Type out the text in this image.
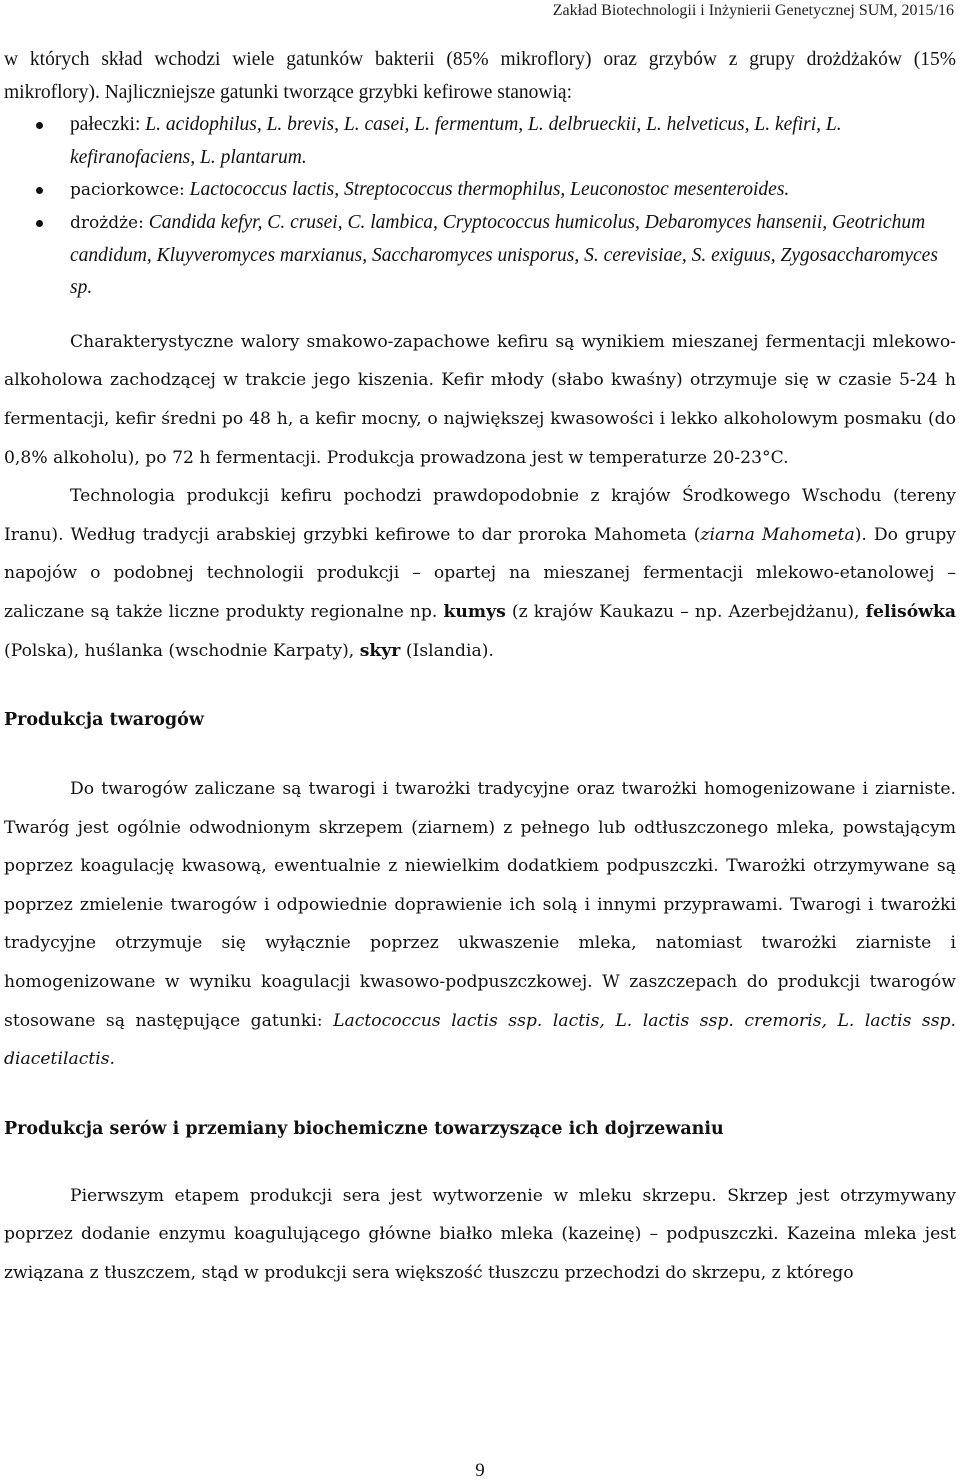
Zakład Biotechnologii i Inżynierii Genetycznej SUM, 2015/16

w których skład wchodzi wiele gatunków bakterii (85% mikroflory) oraz grzybów z grupy drożdżaków (15% mikroflory). Najliczniejsze gatunki tworzące grzybki kefirowe stanowią:

pałeczki: L. acidophilus, L. brevis, L. casei, L. fermentum, L. delbrueckii, L. helveticus, L. kefiri, L. kefiranofaciens, L. plantarum.
paciorkowce: Lactococcus lactis, Streptococcus thermophilus, Leuconostoc mesenteroides.
drożdże: Candida kefyr, C. crusei, C. lambica, Cryptococcus humicolus, Debaromyces hansenii, Geotrichum candidum, Kluyveromyces marxianus, Saccharomyces unisporus, S. cerevisiae, S. exiguus, Zygosaccharomyces sp.

Charakterystyczne walory smakowo-zapachowe kefiru są wynikiem mieszanej fermentacji mlekowo-alkoholowa zachodzącej w trakcie jego kiszenia. Kefir młody (słabo kwaśny) otrzymuje się w czasie 5-24 h fermentacji, kefir średni po 48 h, a kefir mocny, o największej kwasowości i lekko alkoholowym posmaku (do 0,8% alkoholu), po 72 h fermentacji. Produkcja prowadzona jest w temperaturze 20-23°C.

Technologia produkcji kefiru pochodzi prawdopodobnie z krajów Środkowego Wschodu (tereny Iranu). Według tradycji arabskiej grzybki kefirowe to dar proroka Mahometa (ziarna Mahometa). Do grupy napojów o podobnej technologii produkcji – opartej na mieszanej fermentacji mlekowo-etanolowej – zaliczane są także liczne produkty regionalne np. kumys (z krajów Kaukazu – np. Azerbejdżanu), felisówka (Polska), huślanka (wschodnie Karpaty), skyr (Islandia).

Produkcja twarogów

Do twarogów zaliczane są twarogi i twarożki tradycyjne oraz twarożki homogenizowane i ziarniste. Twaróg jest ogólnie odwodnionym skrzepem (ziarnem) z pełnego lub odtłuszczonego mleka, powstającym poprzez koagulację kwasową, ewentualnie z niewielkim dodatkiem podpuszczki. Twarożki otrzymywane są poprzez zmielenie twarogów i odpowiednie doprawienie ich solą i innymi przyprawami. Twarogi i twarożki tradycyjne otrzymuje się wyłącznie poprzez ukwaszenie mleka, natomiast twarożki ziarniste i homogenizowane w wyniku koagulacji kwasowo-podpuszczkowej. W zaszczepach do produkcji twarogów stosowane są następujące gatunki: Lactococcus lactis ssp. lactis, L. lactis ssp. cremoris, L. lactis ssp. diacetilactis.

Produkcja serów i przemiany biochemiczne towarzyszące ich dojrzewaniu

Pierwszym etapem produkcji sera jest wytworzenie w mleku skrzepu. Skrzep jest otrzymywany poprzez dodanie enzymu koagulującego główne białko mleka (kazeinę) – podpuszczki. Kazeina mleka jest związana z tłuszczem, stąd w produkcji sera większość tłuszczu przechodzi do skrzepu, z którego

9
